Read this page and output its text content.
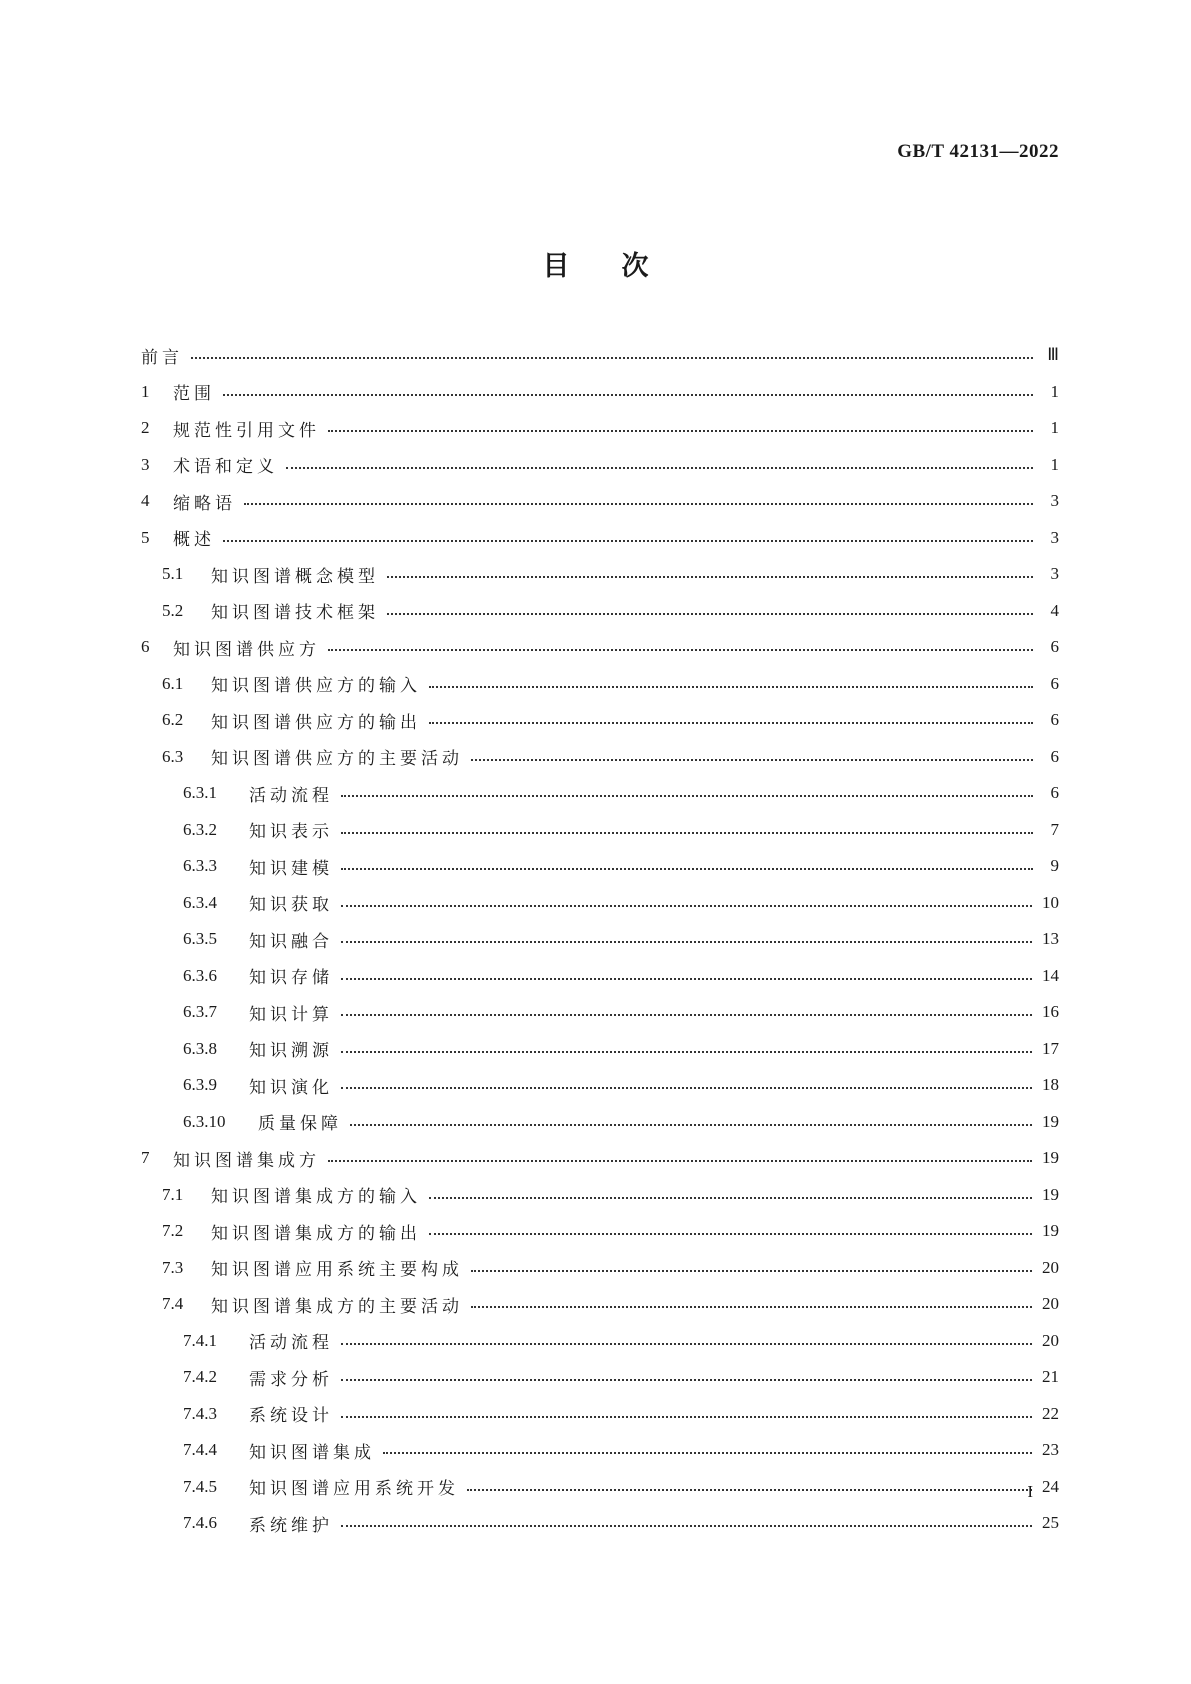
GB/T 42131—2022
目次
前言	Ⅲ
1	范围	1
2	规范性引用文件	1
3	术语和定义	1
4	缩略语	3
5	概述	3
5.1	知识图谱概念模型	3
5.2	知识图谱技术框架	4
6	知识图谱供应方	6
6.1	知识图谱供应方的输入	6
6.2	知识图谱供应方的输出	6
6.3	知识图谱供应方的主要活动	6
6.3.1	活动流程	6
6.3.2	知识表示	7
6.3.3	知识建模	9
6.3.4	知识获取	10
6.3.5	知识融合	13
6.3.6	知识存储	14
6.3.7	知识计算	16
6.3.8	知识溯源	17
6.3.9	知识演化	18
6.3.10	质量保障	19
7	知识图谱集成方	19
7.1	知识图谱集成方的输入	19
7.2	知识图谱集成方的输出	19
7.3	知识图谱应用系统主要构成	20
7.4	知识图谱集成方的主要活动	20
7.4.1	活动流程	20
7.4.2	需求分析	21
7.4.3	系统设计	22
7.4.4	知识图谱集成	23
7.4.5	知识图谱应用系统开发	24
7.4.6	系统维护	25
I
